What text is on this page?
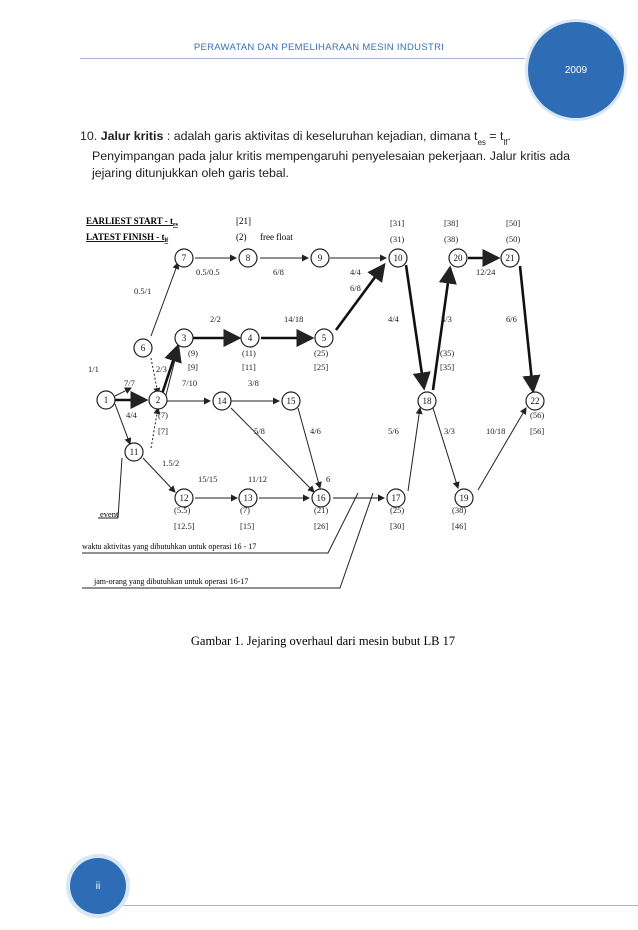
PERAWATAN DAN PEMELIHARAAN MESIN INDUSTRI
2009
10. Jalur kritis : adalah garis aktivitas di keseluruhan kejadian, dimana $t_{es} = t_{lf}$.
Penyimpangan pada jalur kritis mempengaruhi penyelesaian pekerjaan. Jalur kritis ada jejaring ditunjukkan oleh garis tebal.
1	2
3	4	5
6
7	8	9	10
11
12	13
14	15
16	17
18
19
20	21
22
0.5/1
0.5/0.5	6/8	4/4
6/8
2/2	14/18	4/4	3/3	6/6
12/24
1/1
7/7
2/3
7/10	3/8
4/4
5/8	4/6	5/6	3/3	10/18
1.5/2
15/15	11/12	6
[31]
(31)
[38]
(38)
[50]
(50)
(9)
[9]
(11)
[11]
(25)
[25]
(35)
[35]
(7)
[7]
(56)
[56]
(5.5)
[12.5]
(7)
[15]
(21)
[26]
(25)
[30]
(38)
[46]
EARLIEST START - $t_{es}$
LATEST FINISH - $t_{lf}$
[21]
(2) free float
event
waktu aktivitas yang dibutuhkan untuk operasi 16 - 17
jam-orang yang dibutuhkan untuk operasi 16-17
Gambar 1. Jejaring overhaul dari mesin bubut LB 17
ii
